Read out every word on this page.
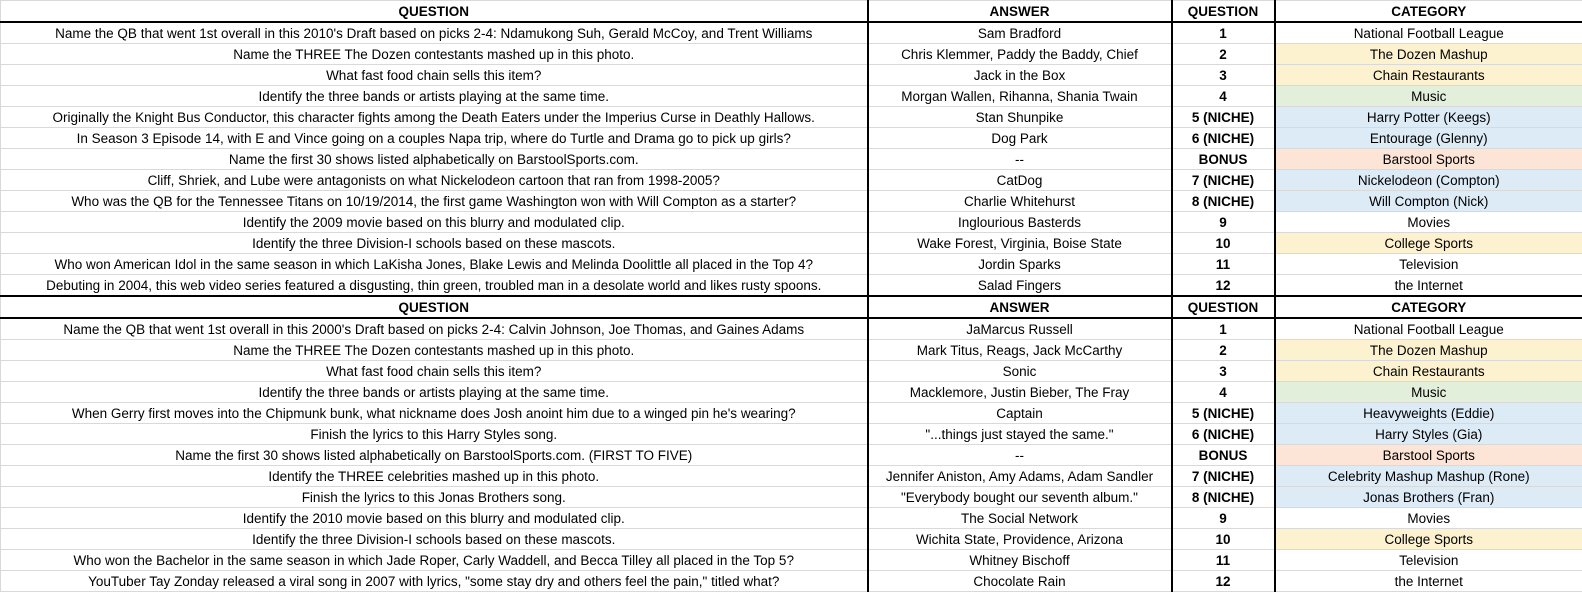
QUESTION	ANSWER	QUESTION	CATEGORY
Name the QB that went 1st overall in this 2010's Draft based on picks 2-4: Ndamukong Suh, Gerald McCoy, and Trent Williams	Sam Bradford	1	National Football League
Name the THREE The Dozen contestants mashed up in this photo.	Chris Klemmer, Paddy the Baddy, Chief	2	The Dozen Mashup
What fast food chain sells this item?	Jack in the Box	3	Chain Restaurants
Identify the three bands or artists playing at the same time.	Morgan Wallen, Rihanna, Shania Twain	4	Music
Originally the Knight Bus Conductor, this character fights among the Death Eaters under the Imperius Curse in Deathly Hallows.	Stan Shunpike	5 (NICHE)	Harry Potter (Keegs)
In Season 3 Episode 14, with E and Vince going on a couples Napa trip, where do Turtle and Drama go to pick up girls?	Dog Park	6 (NICHE)	Entourage (Glenny)
Name the first 30 shows listed alphabetically on BarstoolSports.com.	--	BONUS	Barstool Sports
Cliff, Shriek, and Lube were antagonists on what Nickelodeon cartoon that ran from 1998-2005?	CatDog	7 (NICHE)	Nickelodeon (Compton)
Who was the QB for the Tennessee Titans on 10/19/2014, the first game Washington won with Will Compton as a starter?	Charlie Whitehurst	8 (NICHE)	Will Compton (Nick)
Identify the 2009 movie based on this blurry and modulated clip.	Inglourious Basterds	9	Movies
Identify the three Division-I schools based on these mascots.	Wake Forest, Virginia, Boise State	10	College Sports
Who won American Idol in the same season in which LaKisha Jones, Blake Lewis and Melinda Doolittle all placed in the Top 4?	Jordin Sparks	11	Television
Debuting in 2004, this web video series featured a disgusting, thin green, troubled man in a desolate world and likes rusty spoons.	Salad Fingers	12	the Internet
QUESTION	ANSWER	QUESTION	CATEGORY
Name the QB that went 1st overall in this 2000's Draft based on picks 2-4: Calvin Johnson, Joe Thomas, and Gaines Adams	JaMarcus Russell	1	National Football League
Name the THREE The Dozen contestants mashed up in this photo.	Mark Titus, Reags, Jack McCarthy	2	The Dozen Mashup
What fast food chain sells this item?	Sonic	3	Chain Restaurants
Identify the three bands or artists playing at the same time.	Macklemore, Justin Bieber, The Fray	4	Music
When Gerry first moves into the Chipmunk bunk, what nickname does Josh anoint him due to a winged pin he's wearing?	Captain	5 (NICHE)	Heavyweights (Eddie)
Finish the lyrics to this Harry Styles song.	"...things just stayed the same."	6 (NICHE)	Harry Styles (Gia)
Name the first 30 shows listed alphabetically on BarstoolSports.com. (FIRST TO FIVE)	--	BONUS	Barstool Sports
Identify the THREE celebrities mashed up in this photo.	Jennifer Aniston, Amy Adams, Adam Sandler	7 (NICHE)	Celebrity Mashup Mashup (Rone)
Finish the lyrics to this Jonas Brothers song.	"Everybody bought our seventh album."	8 (NICHE)	Jonas Brothers (Fran)
Identify the 2010 movie based on this blurry and modulated clip.	The Social Network	9	Movies
Identify the three Division-I schools based on these mascots.	Wichita State, Providence, Arizona	10	College Sports
Who won the Bachelor in the same season in which Jade Roper, Carly Waddell, and Becca Tilley all placed in the Top 5?	Whitney Bischoff	11	Television
YouTuber Tay Zonday released a viral song in 2007 with lyrics, "some stay dry and others feel the pain," titled what?	Chocolate Rain	12	the Internet
